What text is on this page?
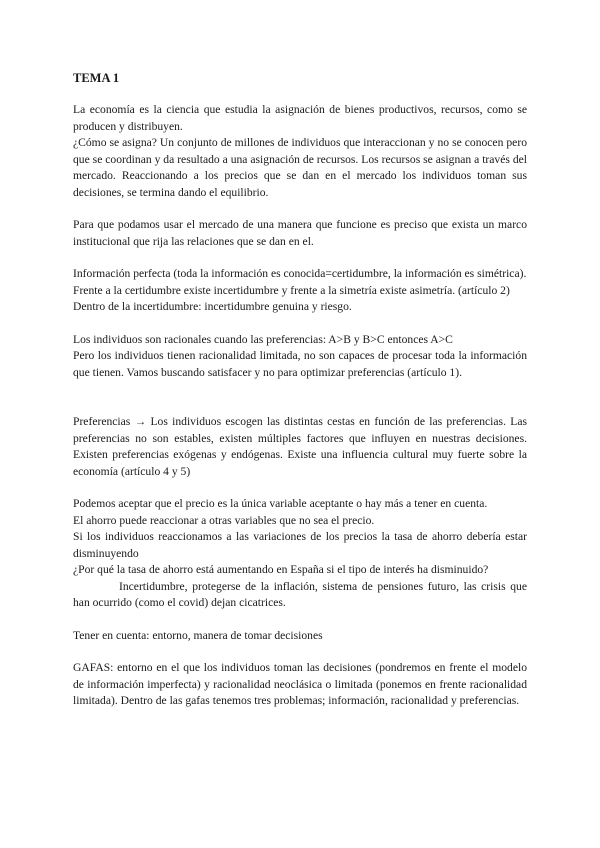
TEMA 1

La economía es la ciencia que estudia la asignación de bienes productivos, recursos, como se producen y distribuyen.

¿Cómo se asigna? Un conjunto de millones de individuos que interaccionan y no se conocen pero que se coordinan y da resultado a una asignación de recursos. Los recursos se asignan a través del mercado. Reaccionando a los precios que se dan en el mercado los individuos toman sus decisiones, se termina dando el equilibrio.

Para que podamos usar el mercado de una manera que funcione es preciso que exista un marco institucional que rija las relaciones que se dan en el.

Información perfecta (toda la información es conocida=certidumbre, la información es simétrica).

Frente a la certidumbre existe incertidumbre y frente a la simetría existe asimetría. (artículo 2)

Dentro de la incertidumbre: incertidumbre genuina y riesgo.

Los individuos son racionales cuando las preferencias: A>B y B>C entonces A>C

Pero los individuos tienen racionalidad limitada, no son capaces de procesar toda la información que tienen. Vamos buscando satisfacer y no para optimizar preferencias (artículo 1).

Preferencias → Los individuos escogen las distintas cestas en función de las preferencias. Las preferencias no son estables, existen múltiples factores que influyen en nuestras decisiones. Existen preferencias exógenas y endógenas. Existe una influencia cultural muy fuerte sobre la economía (artículo 4 y 5)

Podemos aceptar que el precio es la única variable aceptante o hay más a tener en cuenta.

El ahorro puede reaccionar a otras variables que no sea el precio.

Si los individuos reaccionamos a las variaciones de los precios la tasa de ahorro debería estar disminuyendo

¿Por qué la tasa de ahorro está aumentando en España si el tipo de interés ha disminuido?

Incertidumbre, protegerse de la inflación, sistema de pensiones futuro, las crisis que han ocurrido (como el covid) dejan cicatrices.

Tener en cuenta: entorno, manera de tomar decisiones

GAFAS: entorno en el que los individuos toman las decisiones (pondremos en frente el modelo de información imperfecta) y racionalidad neoclásica o limitada (ponemos en frente racionalidad limitada). Dentro de las gafas tenemos tres problemas; información, racionalidad y preferencias.
